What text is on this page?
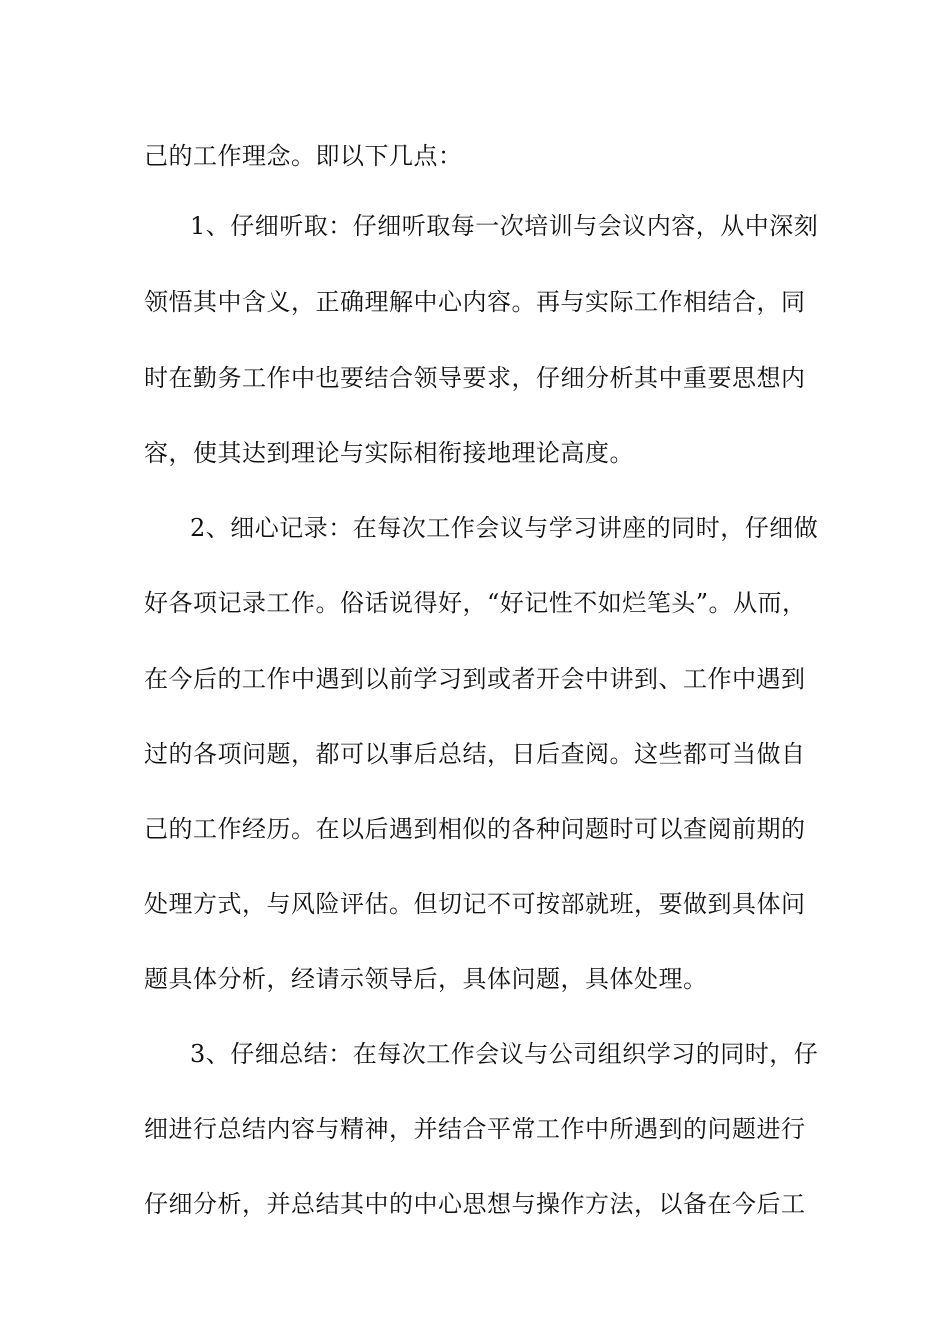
己的工作理念。即以下几点：
1、仔细听取：仔细听取每一次培训与会议内容，从中深刻
领悟其中含义，正确理解中心内容。再与实际工作相结合，同
时在勤务工作中也要结合领导要求，仔细分析其中重要思想内
容，使其达到理论与实际相衔接地理论高度。
2、细心记录：在每次工作会议与学习讲座的同时，仔细做
好各项记录工作。俗话说得好，“好记性不如烂笔头”。从而，
在今后的工作中遇到以前学习到或者开会中讲到、工作中遇到
过的各项问题，都可以事后总结，日后查阅。这些都可当做自
己的工作经历。在以后遇到相似的各种问题时可以查阅前期的
处理方式，与风险评估。但切记不可按部就班，要做到具体问
题具体分析，经请示领导后，具体问题，具体处理。
3、仔细总结：在每次工作会议与公司组织学习的同时，仔
细进行总结内容与精神，并结合平常工作中所遇到的问题进行
仔细分析，并总结其中的中心思想与操作方法，以备在今后工
